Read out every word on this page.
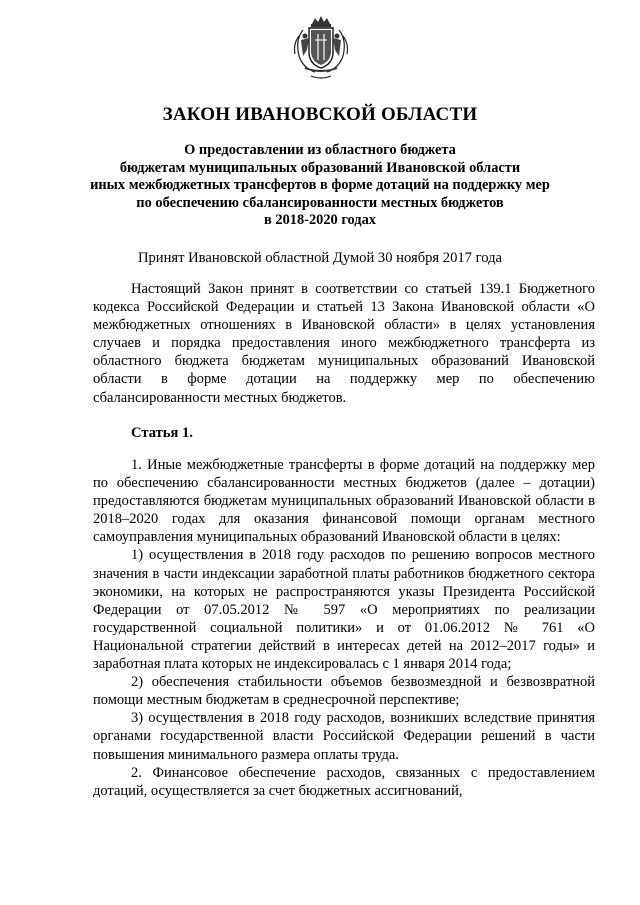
ЗАКОН ИВАНОВСКОЙ ОБЛАСТИ
О предоставлении из областного бюджета
бюджетам муниципальных образований Ивановской области
иных межбюджетных трансфертов в форме дотаций на поддержку мер
по обеспечению сбалансированности местных бюджетов
в 2018-2020 годах
Принят Ивановской областной Думой 30 ноября 2017 года

Настоящий Закон принят в соответствии со статьей 139.1 Бюджетного кодекса Российской Федерации и статьей 13 Закона Ивановской области «О межбюджетных отношениях в Ивановской области» в целях установления случаев и порядка предоставления иного межбюджетного трансферта из областного бюджета бюджетам муниципальных образований Ивановской области в форме дотации на поддержку мер по обеспечению сбалансированности местных бюджетов.

Статья 1.

1. Иные межбюджетные трансферты в форме дотаций на поддержку мер по обеспечению сбалансированности местных бюджетов (далее – дотации) предоставляются бюджетам муниципальных образований Ивановской области в 2018–2020 годах для оказания финансовой помощи органам местного самоуправления муниципальных образований Ивановской области в целях:

1) осуществления в 2018 году расходов по решению вопросов местного значения в части индексации заработной платы работников бюджетного сектора экономики, на которых не распространяются указы Президента Российской Федерации от 07.05.2012 № 597 «О мероприятиях по реализации государственной социальной политики» и от 01.06.2012 № 761 «О Национальной стратегии действий в интересах детей на 2012–2017 годы» и заработная плата которых не индексировалась с 1 января 2014 года;

2) обеспечения стабильности объемов безвозмездной и безвозвратной помощи местным бюджетам в среднесрочной перспективе;

3) осуществления в 2018 году расходов, возникших вследствие принятия органами государственной власти Российской Федерации решений в части повышения минимального размера оплаты труда.

2. Финансовое обеспечение расходов, связанных с предоставлением дотаций, осуществляется за счет бюджетных ассигнований,
